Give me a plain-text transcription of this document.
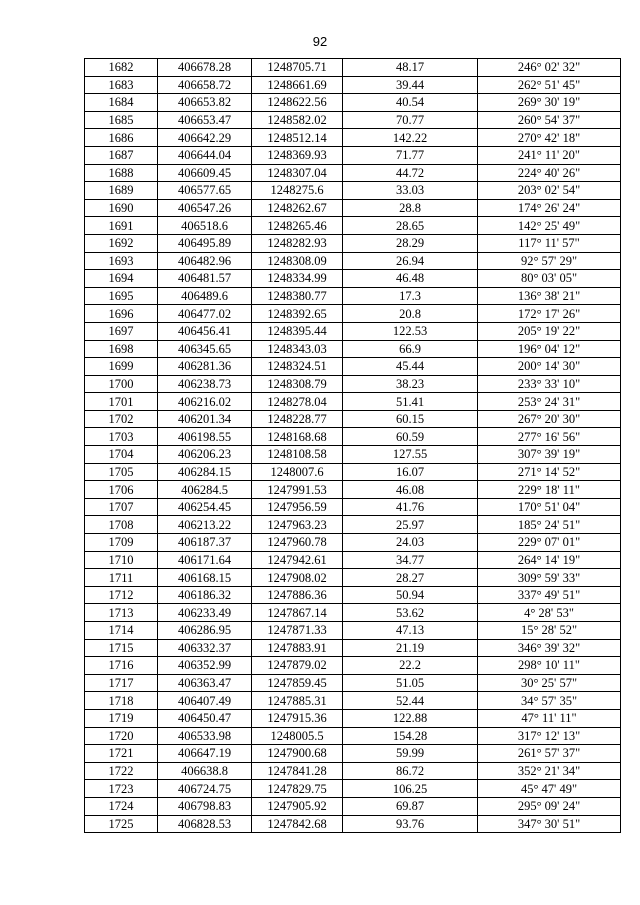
92
1682	406678.28	1248705.71	48.17	246° 02' 32"
1683	406658.72	1248661.69	39.44	262° 51' 45"
1684	406653.82	1248622.56	40.54	269° 30' 19"
1685	406653.47	1248582.02	70.77	260° 54' 37"
1686	406642.29	1248512.14	142.22	270° 42' 18"
1687	406644.04	1248369.93	71.77	241° 11' 20"
1688	406609.45	1248307.04	44.72	224° 40' 26"
1689	406577.65	1248275.6	33.03	203° 02' 54"
1690	406547.26	1248262.67	28.8	174° 26' 24"
1691	406518.6	1248265.46	28.65	142° 25' 49"
1692	406495.89	1248282.93	28.29	117° 11' 57"
1693	406482.96	1248308.09	26.94	92° 57' 29"
1694	406481.57	1248334.99	46.48	80° 03' 05"
1695	406489.6	1248380.77	17.3	136° 38' 21"
1696	406477.02	1248392.65	20.8	172° 17' 26"
1697	406456.41	1248395.44	122.53	205° 19' 22"
1698	406345.65	1248343.03	66.9	196° 04' 12"
1699	406281.36	1248324.51	45.44	200° 14' 30"
1700	406238.73	1248308.79	38.23	233° 33' 10"
1701	406216.02	1248278.04	51.41	253° 24' 31"
1702	406201.34	1248228.77	60.15	267° 20' 30"
1703	406198.55	1248168.68	60.59	277° 16' 56"
1704	406206.23	1248108.58	127.55	307° 39' 19"
1705	406284.15	1248007.6	16.07	271° 14' 52"
1706	406284.5	1247991.53	46.08	229° 18' 11"
1707	406254.45	1247956.59	41.76	170° 51' 04"
1708	406213.22	1247963.23	25.97	185° 24' 51"
1709	406187.37	1247960.78	24.03	229° 07' 01"
1710	406171.64	1247942.61	34.77	264° 14' 19"
1711	406168.15	1247908.02	28.27	309° 59' 33"
1712	406186.32	1247886.36	50.94	337° 49' 51"
1713	406233.49	1247867.14	53.62	4° 28' 53"
1714	406286.95	1247871.33	47.13	15° 28' 52"
1715	406332.37	1247883.91	21.19	346° 39' 32"
1716	406352.99	1247879.02	22.2	298° 10' 11"
1717	406363.47	1247859.45	51.05	30° 25' 57"
1718	406407.49	1247885.31	52.44	34° 57' 35"
1719	406450.47	1247915.36	122.88	47° 11' 11"
1720	406533.98	1248005.5	154.28	317° 12' 13"
1721	406647.19	1247900.68	59.99	261° 57' 37"
1722	406638.8	1247841.28	86.72	352° 21' 34"
1723	406724.75	1247829.75	106.25	45° 47' 49"
1724	406798.83	1247905.92	69.87	295° 09' 24"
1725	406828.53	1247842.68	93.76	347° 30' 51"
